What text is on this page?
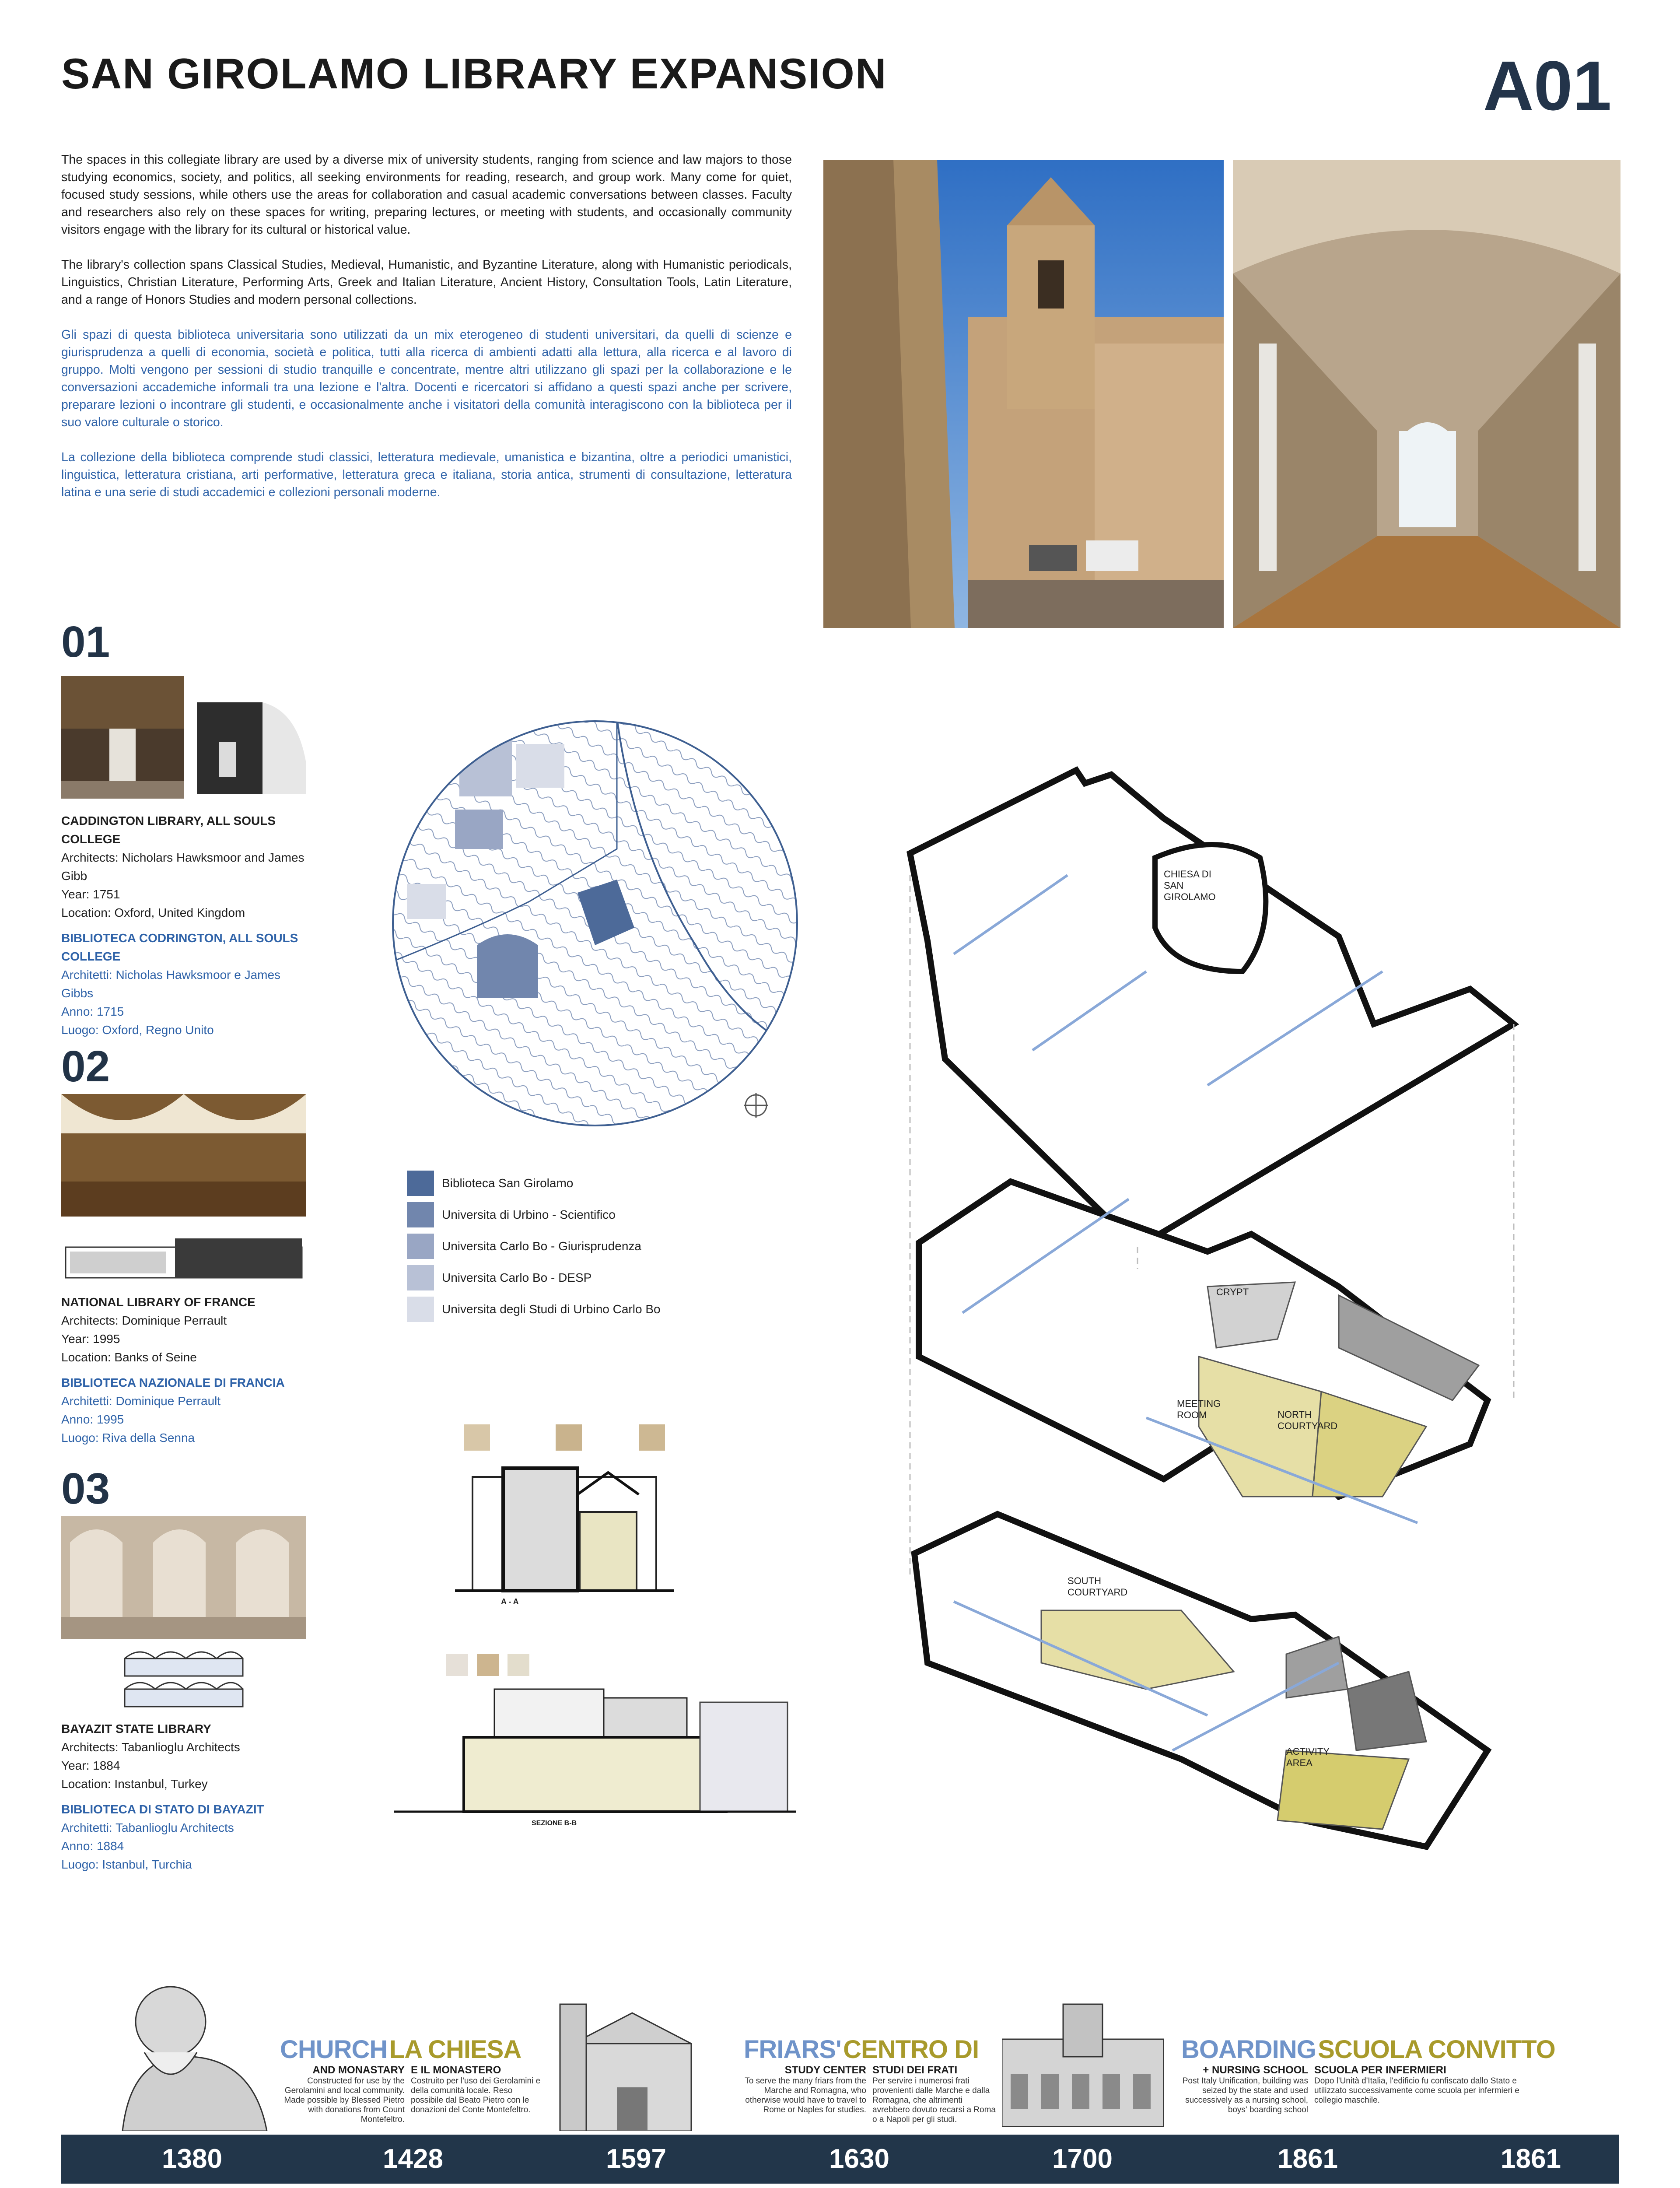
SAN GIROLAMO LIBRARY EXPANSION	A01

The spaces in this collegiate library are used by a diverse mix of university students, ranging from science and law majors to those studying economics, society, and politics, all seeking environments for reading, research, and group work. Many come for quiet, focused study sessions, while others use the areas for collaboration and casual academic conversations between classes. Faculty and researchers also rely on these spaces for writing, preparing lectures, or meeting with students, and occasionally community visitors engage with the library for its cultural or historical value.

The library's collection spans Classical Studies, Medieval, Humanistic, and Byzantine Literature, along with Humanistic periodicals, Linguistics, Christian Literature, Performing Arts, Greek and Italian Literature, Ancient History, Consultation Tools, Latin Literature, and a range of Honors Studies and modern personal collections.

Gli spazi di questa biblioteca universitaria sono utilizzati da un mix eterogeneo di studenti universitari, da quelli di scienze e giurisprudenza a quelli di economia, società e politica, tutti alla ricerca di ambienti adatti alla lettura, alla ricerca e al lavoro di gruppo. Molti vengono per sessioni di studio tranquille e concentrate, mentre altri utilizzano gli spazi per la collaborazione e le conversazioni accademiche informali tra una lezione e l'altra. Docenti e ricercatori si affidano a questi spazi anche per scrivere, preparare lezioni o incontrare gli studenti, e occasionalmente anche i visitatori della comunità interagiscono con la biblioteca per il suo valore culturale o storico.

La collezione della biblioteca comprende studi classici, letteratura medievale, umanistica e bizantina, oltre a periodici umanistici, linguistica, letteratura cristiana, arti performative, letteratura greca e italiana, storia antica, strumenti di consultazione, letteratura latina e una serie di studi accademici e collezioni personali moderne.

01
CADDINGTON LIBRARY, ALL SOULS COLLEGE
Architects: Nicholars Hawksmoor and James Gibb
Year: 1751
Location: Oxford, United Kingdom
BIBLIOTECA CODRINGTON, ALL SOULS COLLEGE
Architetti: Nicholas Hawksmoor e James Gibbs
Anno: 1715
Luogo: Oxford, Regno Unito
02
NATIONAL LIBRARY OF FRANCE
Architects: Dominique Perrault
Year: 1995
Location: Banks of Seine
BIBLIOTECA NAZIONALE DI FRANCIA
Architetti: Dominique Perrault
Anno: 1995
Luogo: Riva della Senna
03
BAYAZIT STATE LIBRARY
Architects: Tabanlioglu Architects
Year: 1884
Location: Instanbul, Turkey
BIBLIOTECA DI STATO DI BAYAZIT
Architetti: Tabanlioglu Architects
Anno: 1884
Luogo: Istanbul, Turchia
Biblioteca San Girolamo
Universita di Urbino - Scientifico
Universita Carlo Bo - Giurisprudenza
Universita Carlo Bo - DESP
Universita degli Studi di Urbino Carlo Bo
A - A
SEZIONE B-B
CHIESA DI SAN GIROLAMO
CRYPT
MEETING ROOM	NORTH COURTYARD
SOUTH COURTYARD
ACTIVITY AREA
CHURCH LA CHIESA
AND MONASTARY
Constructed for use by the Gerolamini and local community. Made possible by Blessed Pietro with donations from Count Montefeltro.
E IL MONASTERO
Costruito per l'uso dei Gerolamini e della comunità locale. Reso possibile dal Beato Pietro con le donazioni del Conte Montefeltro.
FRIARS' CENTRO DI
STUDY CENTER
To serve the many friars from the Marche and Romagna, who otherwise would have to travel to Rome or Naples for studies.
STUDI DEI FRATI
Per servire i numerosi frati provenienti dalle Marche e dalla Romagna, che altrimenti avrebbero dovuto recarsi a Roma o a Napoli per gli studi.
BOARDING SCUOLA CONVITTO
+ NURSING SCHOOL
Post Italy Unification, building was seized by the state and used successively as a nursing school, boys' boarding school
SCUOLA PER INFERMIERI
Dopo l'Unità d'Italia, l'edificio fu confiscato dallo Stato e utilizzato successivamente come scuola per infermieri e collegio maschile.
1380	1428	1597	1630	1700	1861	1861
